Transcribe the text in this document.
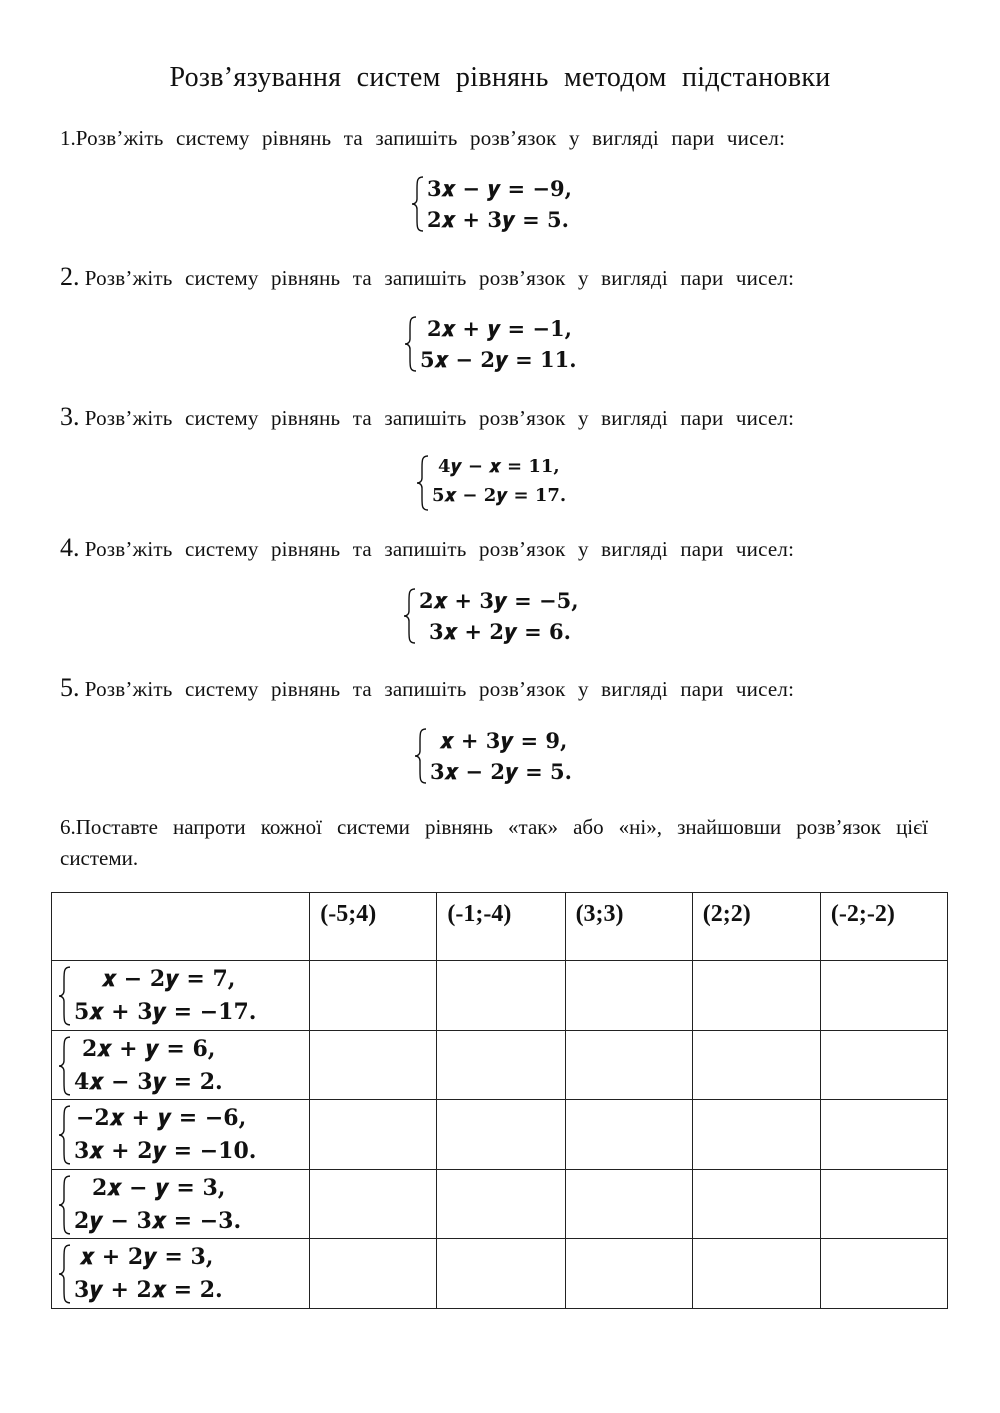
Розв’язування систем рівнянь методом підстановки
1.Розв’жіть систему рівнянь та запишіть розв’язок у вигляді пари чисел:
3𝒙 − 𝒚 = −𝟗,
2𝒙 + 3𝒚 = 𝟓.
2. Розв’жіть систему рівнянь та запишіть розв’язок у вигляді пари чисел:
2𝒙 + 𝒚 = −𝟏,
5𝒙 − 2𝒚 = 𝟏𝟏.
3. Розв’жіть систему рівнянь та запишіть розв’язок у вигляді пари чисел:
4𝒚 − 𝒙 = 𝟏𝟏,
5𝒙 − 2𝒚 = 𝟏𝟕.
4. Розв’жіть систему рівнянь та запишіть розв’язок у вигляді пари чисел:
2𝒙 + 3𝒚 = −𝟓,
3𝒙 + 2𝒚 = 𝟔.
5. Розв’жіть систему рівнянь та запишіть розв’язок у вигляді пари чисел:
𝒙 + 3𝒚 = 𝟗,
3𝒙 − 2𝒚 = 𝟓.
6.Поставте напроти кожної системи рівнянь «так» або «ні», знайшовши розв’язок цієї системи.
	(-5;4)	(-1;-4)	(3;3)	(2;2)	(-2;-2)

𝒙 − 2𝒚 = 7,
5𝒙 + 3𝒚 = −𝟏𝟕.					

2𝒙 + 𝒚 = 6,
4𝒙 − 3𝒚 = 2.					

−2𝒙 + 𝒚 = −6,
3𝒙 + 2𝒚 = −𝟏𝟎.					

2𝒙 − 𝒚 = 3,
2𝒚 − 3𝒙 = −3.					

𝒙 + 2𝒚 = 3,
3𝒚 + 2𝒙 = 2.					
